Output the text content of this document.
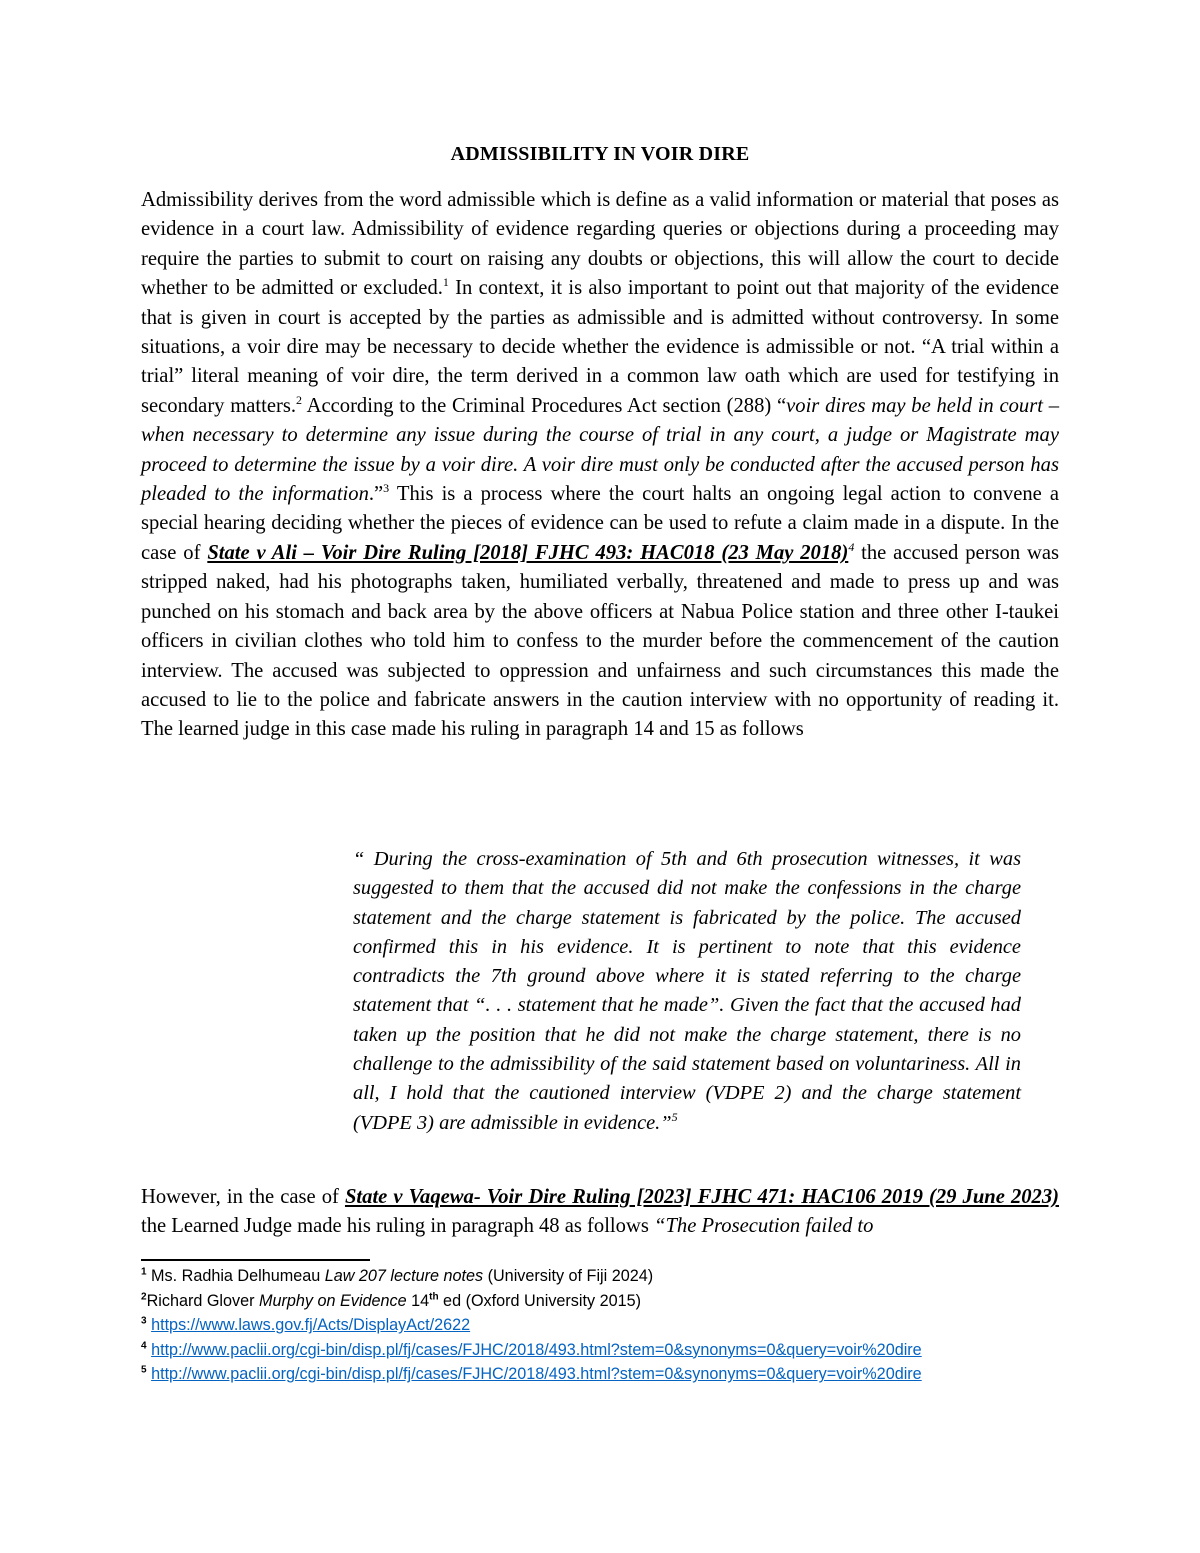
ADMISSIBILITY IN VOIR DIRE
Admissibility derives from the word admissible which is define as a valid information or material that poses as evidence in a court law. Admissibility of evidence regarding queries or objections during a proceeding may require the parties to submit to court on raising any doubts or objections, this will allow the court to decide whether to be admitted or excluded.$^1$ In context, it is also important to point out that majority of the evidence that is given in court is accepted by the parties as admissible and is admitted without controversy. In some situations, a voir dire may be necessary to decide whether the evidence is admissible or not. “A trial within a trial” literal meaning of voir dire, the term derived in a common law oath which are used for testifying in secondary matters.$^2$ According to the Criminal Procedures Act section (288) “voir dires may be held in court – when necessary to determine any issue during the course of trial in any court, a judge or Magistrate may proceed to determine the issue by a voir dire. A voir dire must only be conducted after the accused person has pleaded to the information.”$^3$ This is a process where the court halts an ongoing legal action to convene a special hearing deciding whether the pieces of evidence can be used to refute a claim made in a dispute. In the case of State v Ali – Voir Dire Ruling [2018] FJHC 493: HAC018 (23 May 2018)$^4$ the accused person was stripped naked, had his photographs taken, humiliated verbally, threatened and made to press up and was punched on his stomach and back area by the above officers at Nabua Police station and three other I-taukei officers in civilian clothes who told him to confess to the murder before the commencement of the caution interview. The accused was subjected to oppression and unfairness and such circumstances this made the accused to lie to the police and fabricate answers in the caution interview with no opportunity of reading it. The learned judge in this case made his ruling in paragraph 14 and 15 as follows
“ During the cross-examination of 5th and 6th prosecution witnesses, it was suggested to them that the accused did not make the confessions in the charge statement and the charge statement is fabricated by the police. The accused confirmed this in his evidence. It is pertinent to note that this evidence contradicts the 7th ground above where it is stated referring to the charge statement that “. . . statement that he made”. Given the fact that the accused had taken up the position that he did not make the charge statement, there is no challenge to the admissibility of the said statement based on voluntariness. All in all, I hold that the cautioned interview (VDPE 2) and the charge statement (VDPE 3) are admissible in evidence.”$^5$
However, in the case of State v Vaqewa- Voir Dire Ruling [2023] FJHC 471: HAC106 2019 (29 June 2023) the Learned Judge made his ruling in paragraph 48 as follows “The Prosecution failed to
$^1$ Ms. Radhia Delhumeau Law 207 lecture notes (University of Fiji 2024)
$^2$Richard Glover Murphy on Evidence 14th ed (Oxford University 2015)
$^3$ https://www.laws.gov.fj/Acts/DisplayAct/2622
$^4$ http://www.paclii.org/cgi-bin/disp.pl/fj/cases/FJHC/2018/493.html?stem=0&synonyms=0&query=voir%20dire
$^5$ http://www.paclii.org/cgi-bin/disp.pl/fj/cases/FJHC/2018/493.html?stem=0&synonyms=0&query=voir%20dire
